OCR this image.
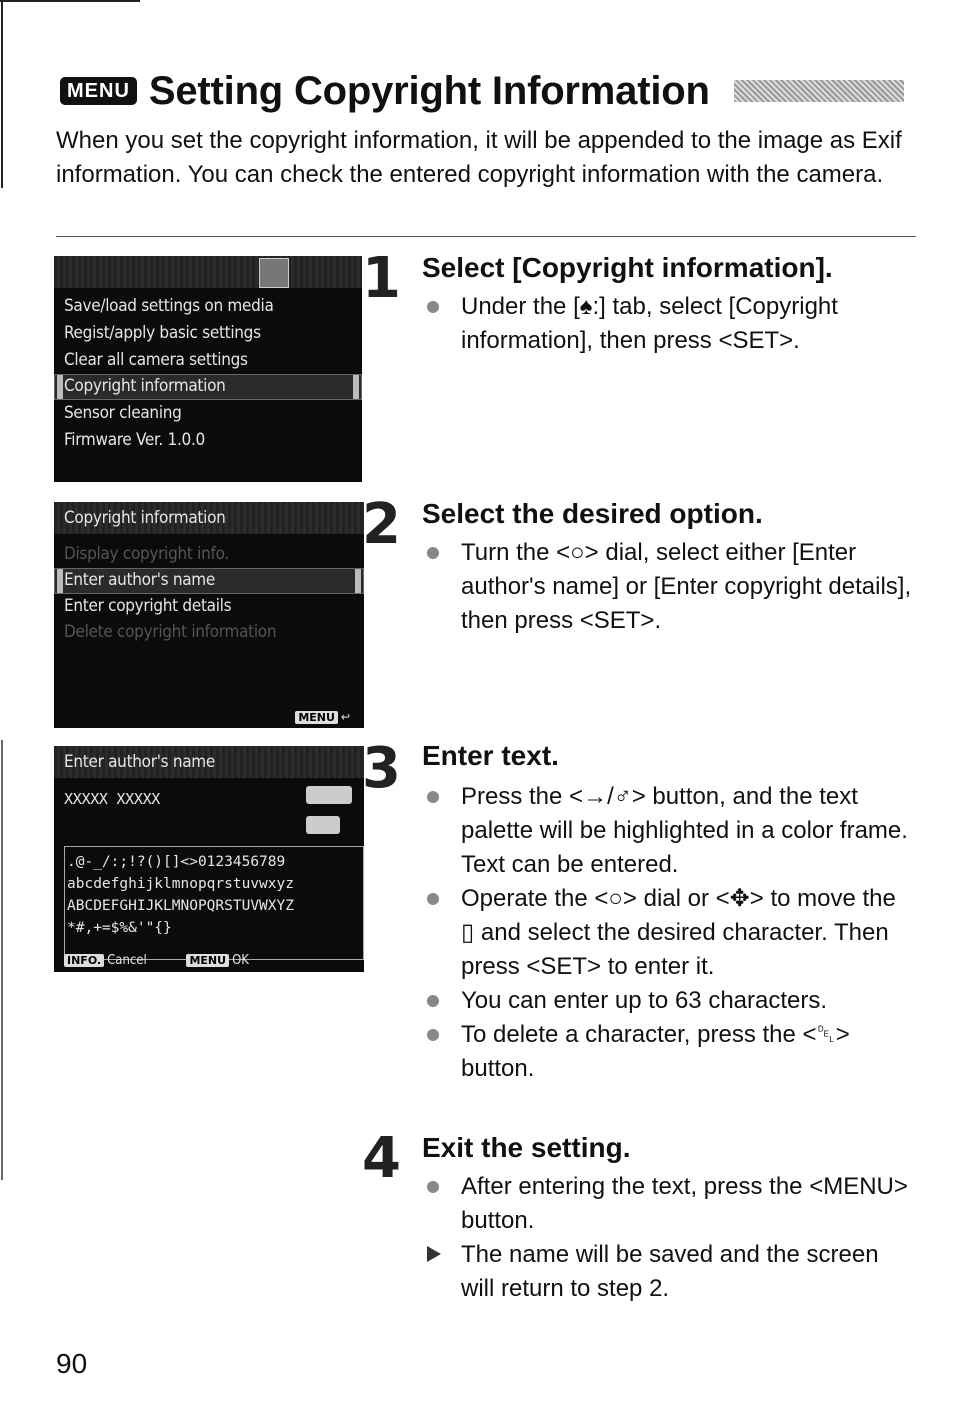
MENU Setting Copyright Information
When you set the copyright information, it will be appended to the image as Exif information. You can check the entered copyright information with the camera.
Save/load settings on media
Regist/apply basic settings
Clear all camera settings
Copyright information
Sensor cleaning
Firmware Ver. 1.0.0
Copyright information
Display copyright info.
Enter author's name
Enter copyright details
Delete copyright information
MENU ↩
Enter author's name
XXXXX XXXXX
.@-_/:;!?()[]<>0123456789
abcdefghijklmnopqrstuvwxyz
ABCDEFGHIJKLMNOPQRSTUVWXYZ
*#,+=$%&'"{}
INFO. Cancel	MENU OK
1 Select [Copyright information].
Under the [♠:] tab, select [Copyright information], then press <SET>.
2 Select the desired option.
Turn the <○> dial, select either [Enter author's name] or [Enter copyright details], then press <SET>.
3 Enter text.
Press the <→/♂> button, and the text palette will be highlighted in a color frame. Text can be entered.
Operate the <○> dial or <✥> to move the ▯ and select the desired character. Then press <SET> to enter it.
You can enter up to 63 characters.
To delete a character, press the <␡> button.
4 Exit the setting.
After entering the text, press the <MENU> button.
The name will be saved and the screen will return to step 2.
90
